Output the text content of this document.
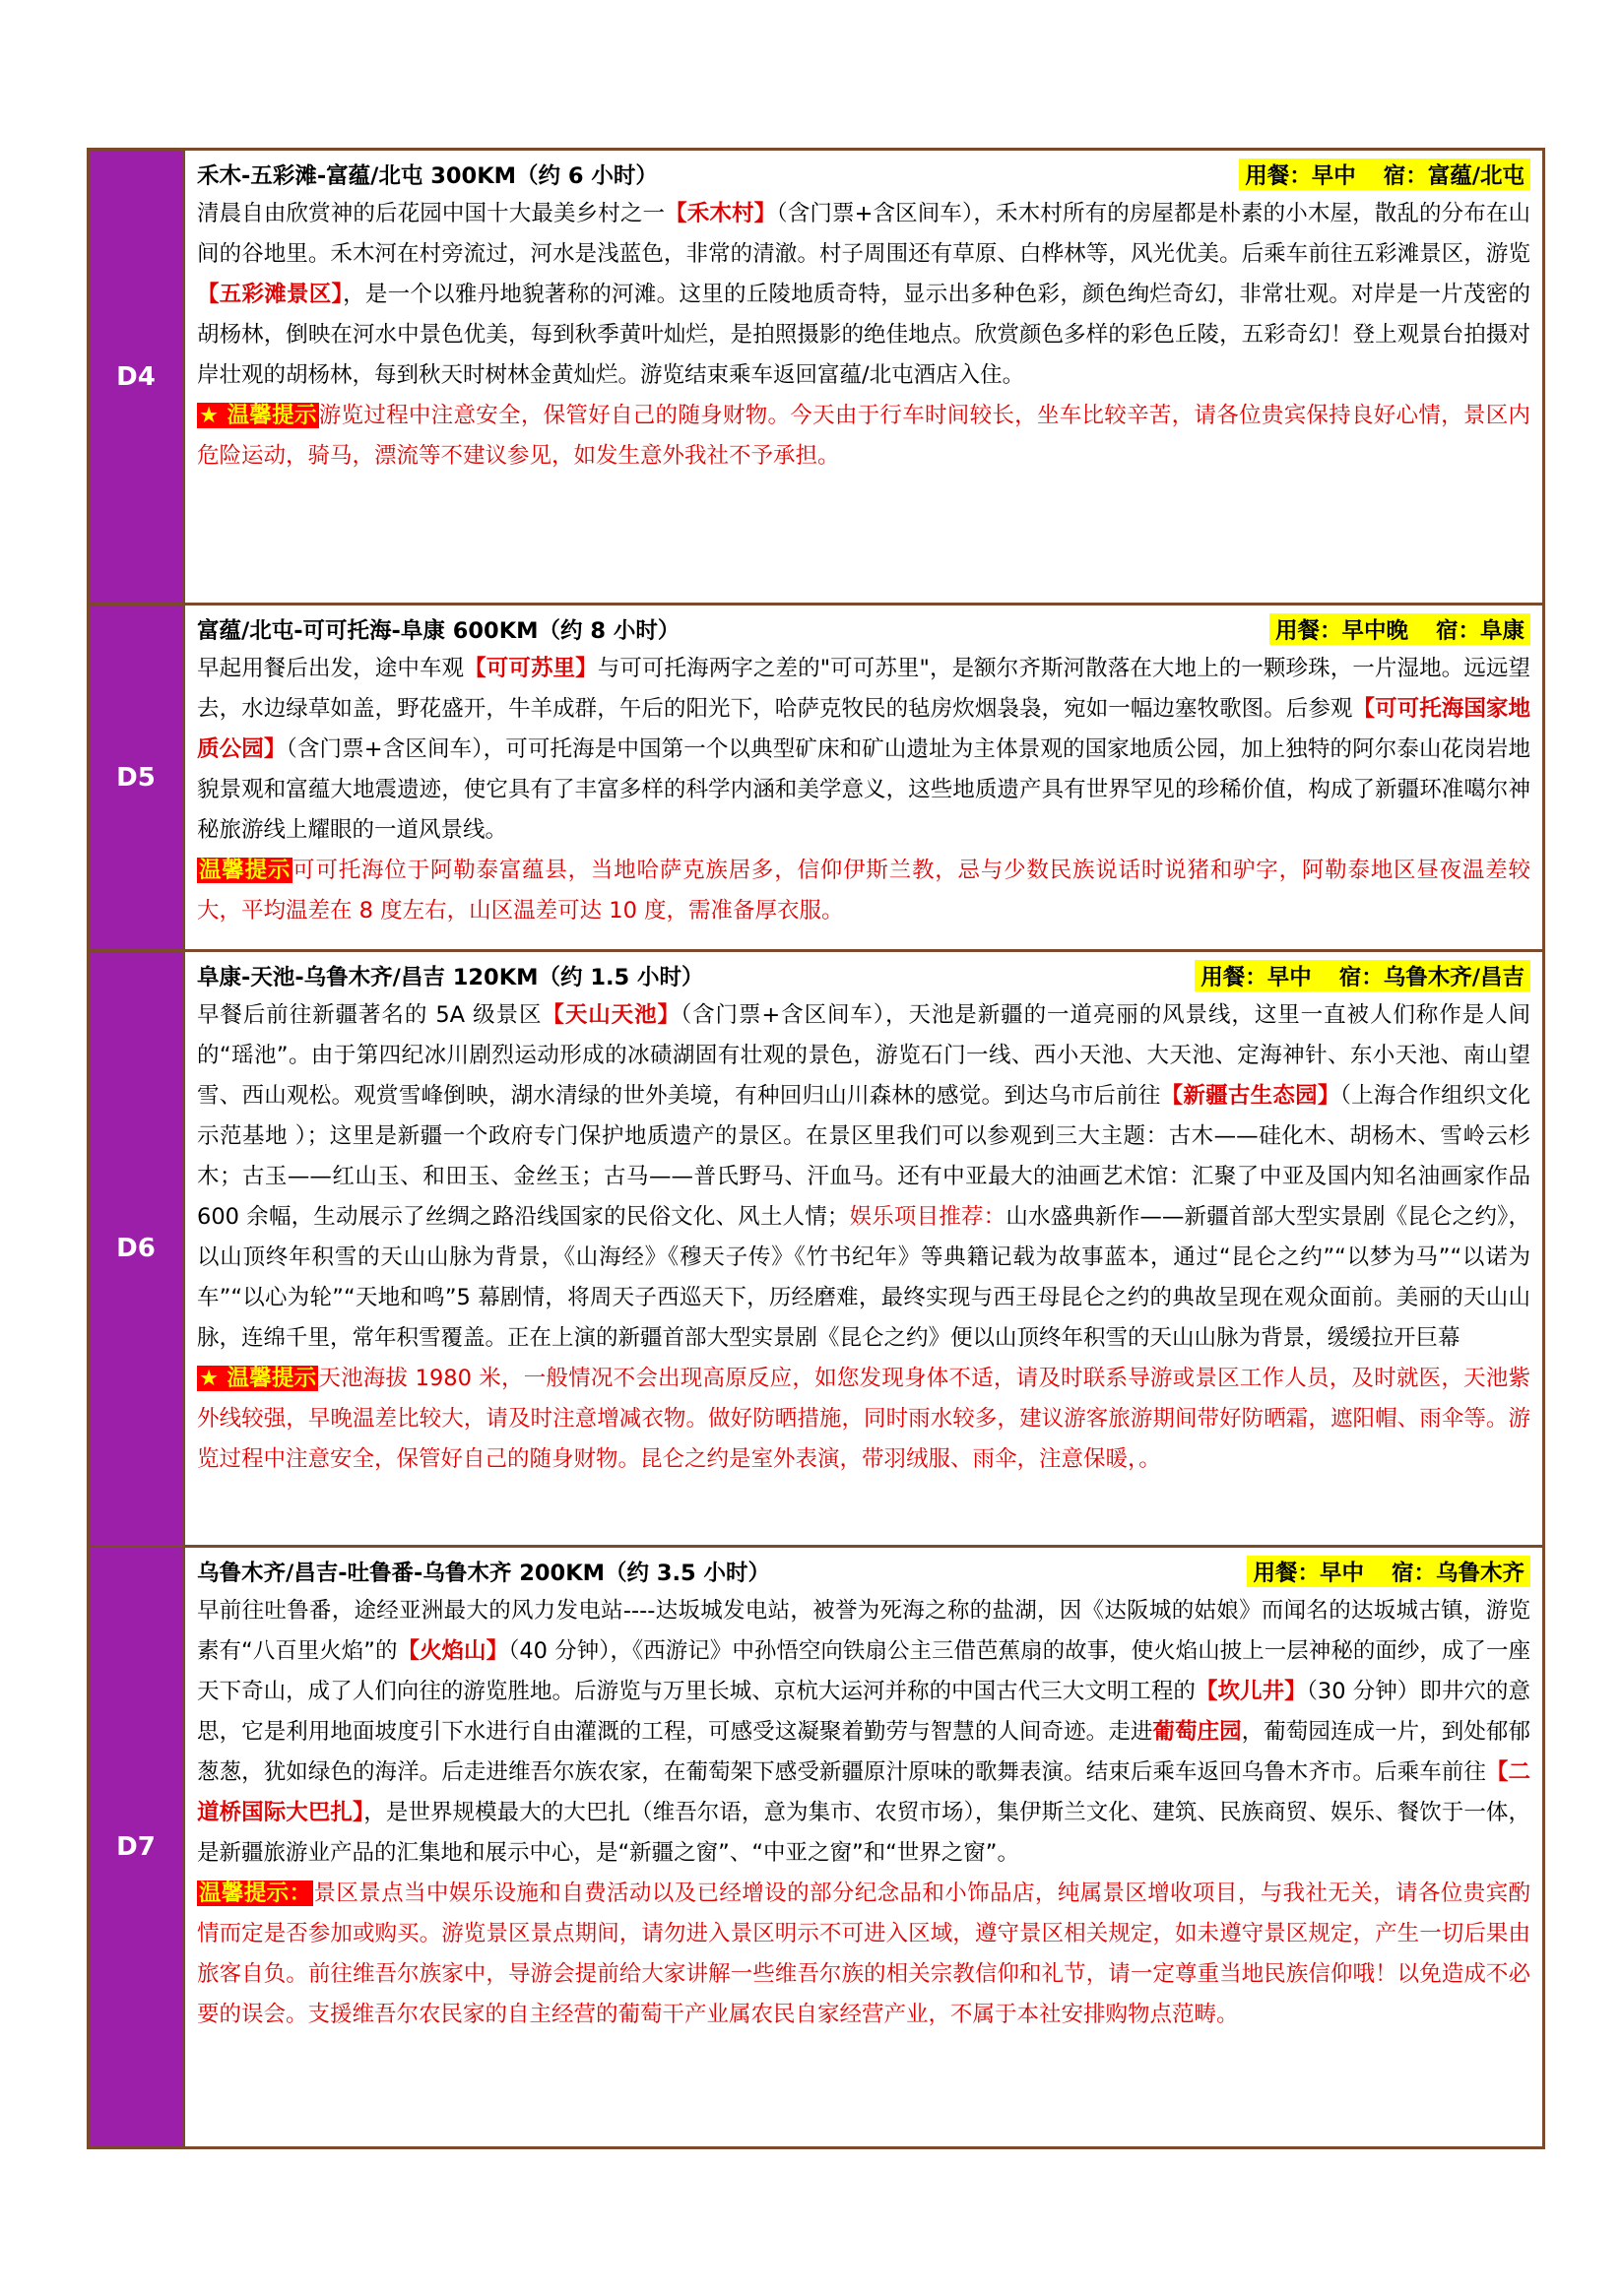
D4
禾木-五彩滩-富蕴/北屯 300KM（约 6 小时）	用餐：早中 宿：富蕴/北屯

清晨自由欣赏神的后花园中国十大最美乡村之一【禾木村】（含门票+含区间车），禾木村所有的房屋都是朴素的小木屋，散乱的分布在山间的谷地里。禾木河在村旁流过，河水是浅蓝色，非常的清澈。村子周围还有草原、白桦林等，风光优美。后乘车前往五彩滩景区，游览【五彩滩景区】，是一个以雅丹地貌著称的河滩。这里的丘陵地质奇特，显示出多种色彩，颜色绚烂奇幻，非常壮观。对岸是一片茂密的胡杨林，倒映在河水中景色优美，每到秋季黄叶灿烂，是拍照摄影的绝佳地点。欣赏颜色多样的彩色丘陵，五彩奇幻！登上观景台拍摄对岸壮观的胡杨林，每到秋天时树林金黄灿烂。游览结束乘车返回富蕴/北屯酒店入住。

★ 温馨提示游览过程中注意安全，保管好自己的随身财物。今天由于行车时间较长，坐车比较辛苦，请各位贵宾保持良好心情，景区内危险运动，骑马，漂流等不建议参见，如发生意外我社不予承担。

D5
富蕴/北屯-可可托海-阜康 600KM（约 8 小时）	用餐：早中晚 宿：阜康

早起用餐后出发，途中车观【可可苏里】与可可托海两字之差的"可可苏里"，是额尔齐斯河散落在大地上的一颗珍珠，一片湿地。远远望去，水边绿草如盖，野花盛开，牛羊成群，午后的阳光下，哈萨克牧民的毡房炊烟袅袅，宛如一幅边塞牧歌图。后参观【可可托海国家地质公园】（含门票+含区间车），可可托海是中国第一个以典型矿床和矿山遗址为主体景观的国家地质公园，加上独特的阿尔泰山花岗岩地貌景观和富蕴大地震遗迹，使它具有了丰富多样的科学内涵和美学意义，这些地质遗产具有世界罕见的珍稀价值，构成了新疆环准噶尔神秘旅游线上耀眼的一道风景线。

温馨提示可可托海位于阿勒泰富蕴县，当地哈萨克族居多，信仰伊斯兰教，忌与少数民族说话时说猪和驴字，阿勒泰地区昼夜温差较大，平均温差在 8 度左右，山区温差可达 10 度，需准备厚衣服。

D6
阜康-天池-乌鲁木齐/昌吉 120KM（约 1.5 小时）	用餐：早中 宿：乌鲁木齐/昌吉

早餐后前往新疆著名的 5A 级景区【天山天池】（含门票+含区间车），天池是新疆的一道亮丽的风景线，这里一直被人们称作是人间的“瑶池”。由于第四纪冰川剧烈运动形成的冰碛湖固有壮观的景色，游览石门一线、西小天池、大天池、定海神针、东小天池、南山望雪、西山观松。观赏雪峰倒映，湖水清绿的世外美境，有种回归山川森林的感觉。到达乌市后前往【新疆古生态园】（上海合作组织文化示范基地 ）；这里是新疆一个政府专门保护地质遗产的景区。在景区里我们可以参观到三大主题：古木——硅化木、胡杨木、雪岭云杉木；古玉——红山玉、和田玉、金丝玉；古马——普氏野马、汗血马。还有中亚最大的油画艺术馆：汇聚了中亚及国内知名油画家作品 600 余幅，生动展示了丝绸之路沿线国家的民俗文化、风土人情；娱乐项目推荐：山水盛典新作——新疆首部大型实景剧《昆仑之约》，以山顶终年积雪的天山山脉为背景，《山海经》《穆天子传》《竹书纪年》等典籍记载为故事蓝本，通过“昆仑之约”“以梦为马”“以诺为车”“以心为轮”“天地和鸣”5 幕剧情，将周天子西巡天下，历经磨难，最终实现与西王母昆仑之约的典故呈现在观众面前。美丽的天山山脉，连绵千里，常年积雪覆盖。正在上演的新疆首部大型实景剧《昆仑之约》便以山顶终年积雪的天山山脉为背景，缓缓拉开巨幕

★ 温馨提示天池海拔 1980 米，一般情况不会出现高原反应，如您发现身体不适，请及时联系导游或景区工作人员，及时就医，天池紫外线较强，早晚温差比较大，请及时注意增减衣物。做好防晒措施，同时雨水较多，建议游客旅游期间带好防晒霜，遮阳帽、雨伞等。游览过程中注意安全，保管好自己的随身财物。昆仑之约是室外表演，带羽绒服、雨伞，注意保暖，。

D7
乌鲁木齐/昌吉-吐鲁番-乌鲁木齐 200KM（约 3.5 小时）	用餐：早中 宿：乌鲁木齐

早前往吐鲁番，途经亚洲最大的风力发电站----达坂城发电站，被誉为死海之称的盐湖，因《达阪城的姑娘》而闻名的达坂城古镇，游览素有“八百里火焰”的【火焰山】（40 分钟），《西游记》中孙悟空向铁扇公主三借芭蕉扇的故事，使火焰山披上一层神秘的面纱，成了一座天下奇山，成了人们向往的游览胜地。后游览与万里长城、京杭大运河并称的中国古代三大文明工程的【坎儿井】（30 分钟）即井穴的意思，它是利用地面坡度引下水进行自由灌溉的工程，可感受这凝聚着勤劳与智慧的人间奇迹。走进葡萄庄园，葡萄园连成一片，到处郁郁葱葱，犹如绿色的海洋。后走进维吾尔族农家，在葡萄架下感受新疆原汁原味的歌舞表演。结束后乘车返回乌鲁木齐市。后乘车前往【二道桥国际大巴扎】，是世界规模最大的大巴扎（维吾尔语，意为集市、农贸市场），集伊斯兰文化、建筑、民族商贸、娱乐、餐饮于一体，是新疆旅游业产品的汇集地和展示中心，是“新疆之窗”、“中亚之窗”和“世界之窗”。

温馨提示：景区景点当中娱乐设施和自费活动以及已经增设的部分纪念品和小饰品店，纯属景区增收项目，与我社无关，请各位贵宾酌情而定是否参加或购买。游览景区景点期间，请勿进入景区明示不可进入区域，遵守景区相关规定，如未遵守景区规定，产生一切后果由旅客自负。前往维吾尔族家中，导游会提前给大家讲解一些维吾尔族的相关宗教信仰和礼节，请一定尊重当地民族信仰哦！以免造成不必要的误会。支援维吾尔农民家的自主经营的葡萄干产业属农民自家经营产业，不属于本社安排购物点范畴。
